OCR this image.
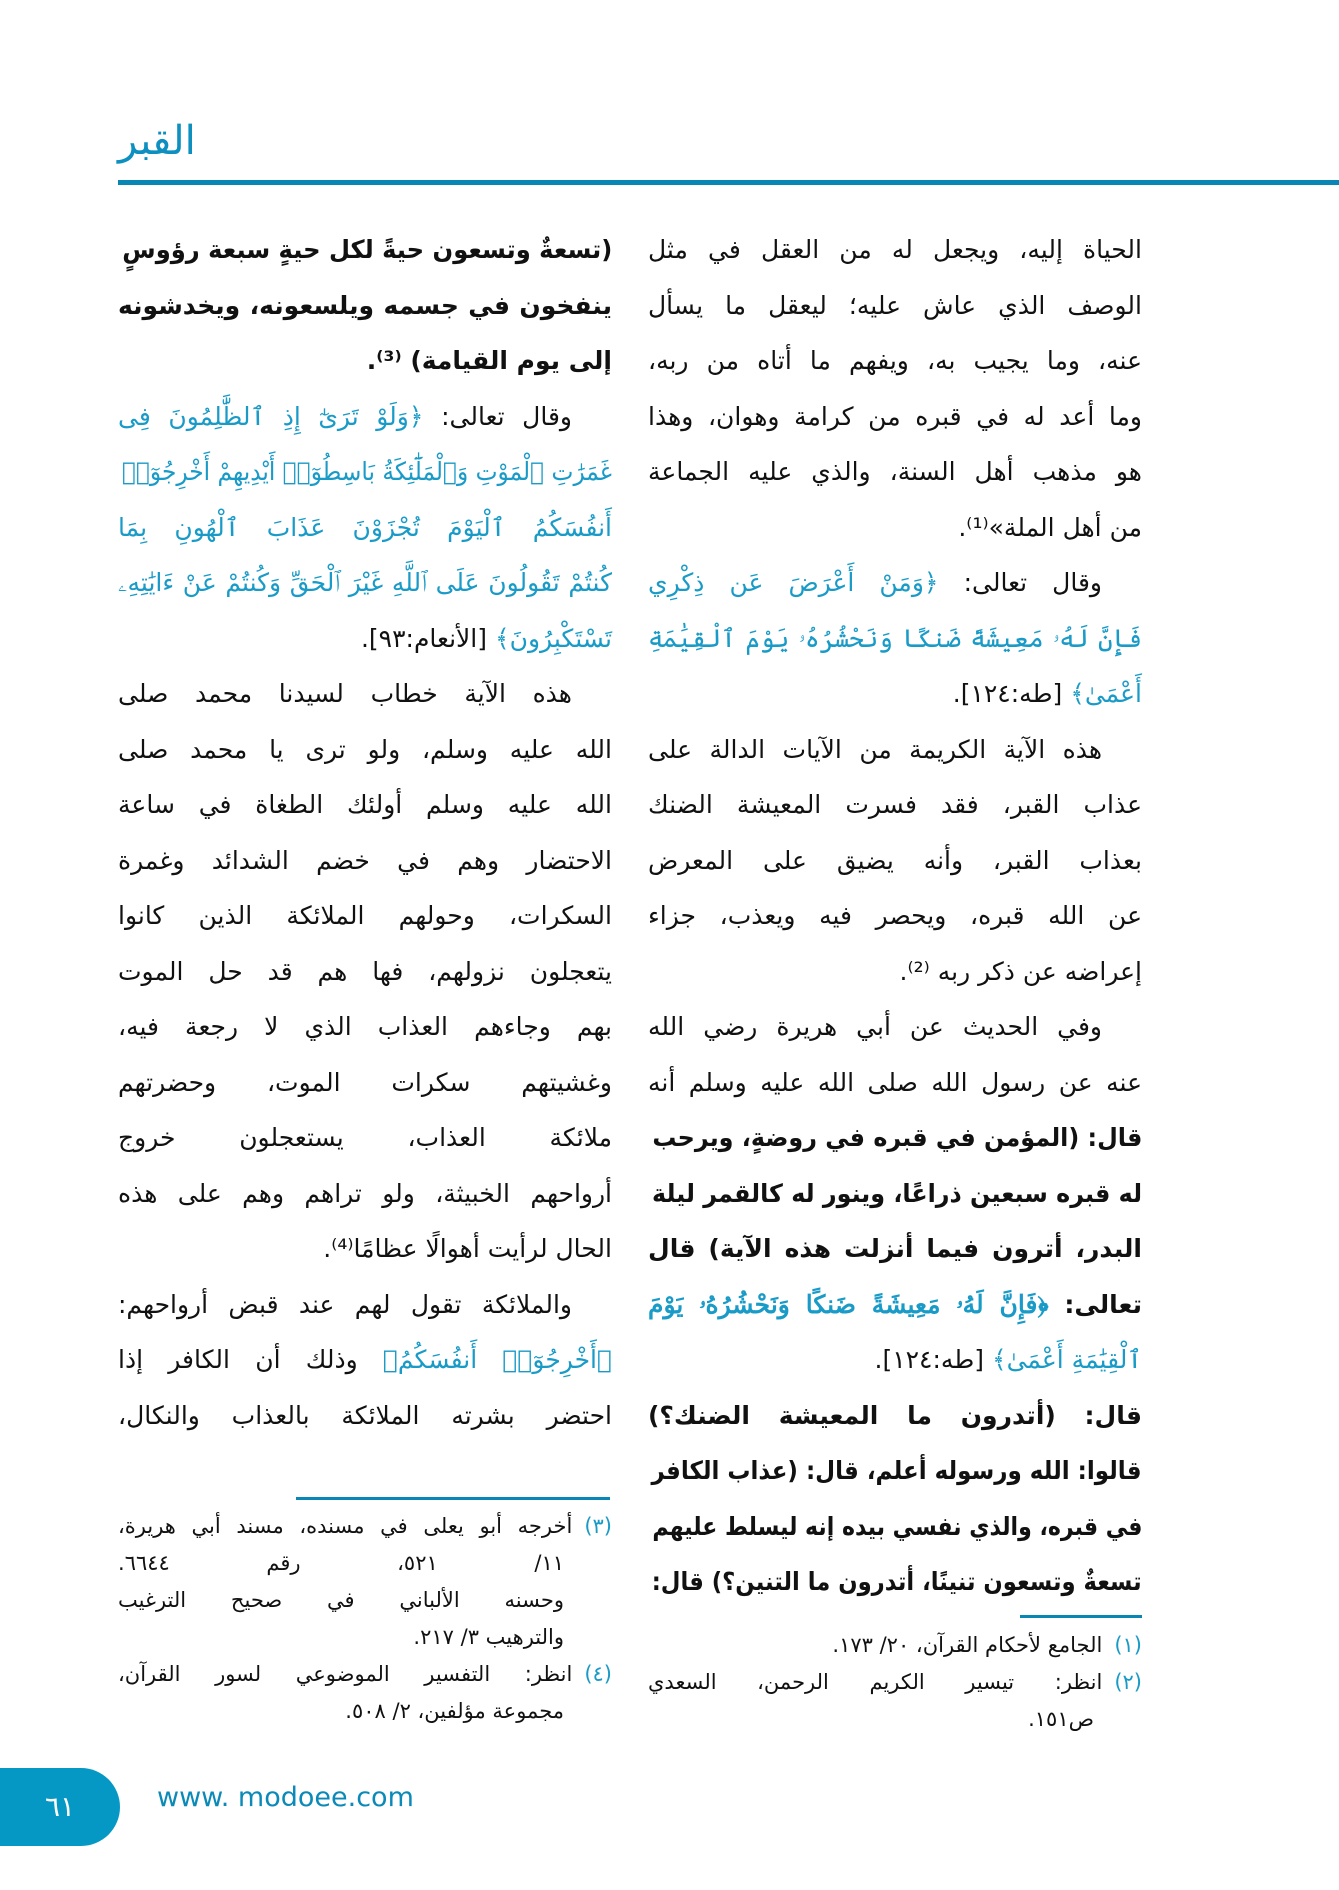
القبر
الحياة إليه، ويجعل له من العقل في مثل
الوصف الذي عاش عليه؛ ليعقل ما يسأل
عنه، وما يجيب به، ويفهم ما أتاه من ربه،
وما أعد له في قبره من كرامة وهوان، وهذا
هو مذهب أهل السنة، والذي عليه الجماعة
من أهل الملة»⁽¹⁾.
وقال تعالى: ﴿وَمَنْ أَعْرَضَ عَن ذِكْرِي
فَإِنَّ لَهُۥ مَعِيشَةً ضَنكًا وَنَحْشُرُهُۥ يَوْمَ ٱلْقِيَٰمَةِ
أَعْمَىٰ﴾ [طه:١٢٤].
هذه الآية الكريمة من الآيات الدالة على
عذاب القبر، فقد فسرت المعيشة الضنك
بعذاب القبر، وأنه يضيق على المعرض
عن الله قبره، ويحصر فيه ويعذب، جزاء
إعراضه عن ذكر ربه ⁽²⁾.
وفي الحديث عن أبي هريرة رضي الله
عنه عن رسول الله صلى الله عليه وسلم أنه
قال: (المؤمن في قبره في روضةٍ، ويرحب
له قبره سبعين ذراعًا، وينور له كالقمر ليلة
البدر، أترون فيما أنزلت هذه الآية) قال
تعالى: ﴿فَإِنَّ لَهُۥ مَعِيشَةً ضَنكًا وَنَحْشُرُهُۥ يَوْمَ
ٱلْقِيَٰمَةِ أَعْمَىٰ﴾ [طه:١٢٤].
قال: (أتدرون ما المعيشة الضنك؟)
قالوا: الله ورسوله أعلم، قال: (عذاب الكافر
في قبره، والذي نفسي بيده إنه ليسلط عليهم
تسعةٌ وتسعون تنينًا، أتدرون ما التنين؟) قال:
(تسعةٌ وتسعون حيةً لكل حيةٍ سبعة رؤوسٍ
ينفخون في جسمه ويلسعونه، ويخدشونه
إلى يوم القيامة) ⁽³⁾.
وقال تعالى: ﴿وَلَوْ تَرَىٰٓ إِذِ ٱلظَّٰلِمُونَ فِى
غَمَرَٰتِ ٱلْمَوْتِ وَٱلْمَلَٰٓئِكَةُ بَاسِطُوٓا۟ أَيْدِيهِمْ أَخْرِجُوٓا۟
أَنفُسَكُمُ ٱلْيَوْمَ تُجْزَوْنَ عَذَابَ ٱلْهُونِ بِمَا
كُنتُمْ تَقُولُونَ عَلَى ٱللَّهِ غَيْرَ ٱلْحَقِّ وَكُنتُمْ عَنْ ءَايَٰتِهِۦ
تَسْتَكْبِرُونَ﴾ [الأنعام:٩٣].
هذه الآية خطاب لسيدنا محمد صلى
الله عليه وسلم، ولو ترى يا محمد صلى
الله عليه وسلم أولئك الطغاة في ساعة
الاحتضار وهم في خضم الشدائد وغمرة
السكرات، وحولهم الملائكة الذين كانوا
يتعجلون نزولهم، فها هم قد حل الموت
بهم وجاءهم العذاب الذي لا رجعة فيه،
وغشيتهم سكرات الموت، وحضرتهم
ملائكة العذاب، يستعجلون خروج
أرواحهم الخبيثة، ولو تراهم وهم على هذه
الحال لرأيت أهوالًا عظامًا⁽⁴⁾.
والملائكة تقول لهم عند قبض أرواحهم:
﴿أَخْرِجُوٓا۟ أَنفُسَكُمُ﴾ وذلك أن الكافر إذا
احتضر بشرته الملائكة بالعذاب والنكال،
(١)الجامع لأحكام القرآن، ٢٠/ ١٧٣.
(٢)انظر: تيسير الكريم الرحمن، السعدي
ص١٥١.
(٣)أخرجه أبو يعلى في مسنده، مسند أبي هريرة،
١١/ ٥٢١، رقم ٦٦٤٤.
وحسنه الألباني في صحيح الترغيب
والترهيب ٣/ ٢١٧.
(٤)انظر: التفسير الموضوعي لسور القرآن،
مجموعة مؤلفين، ٢/ ٥٠٨.
٦١	www. modoee.com
